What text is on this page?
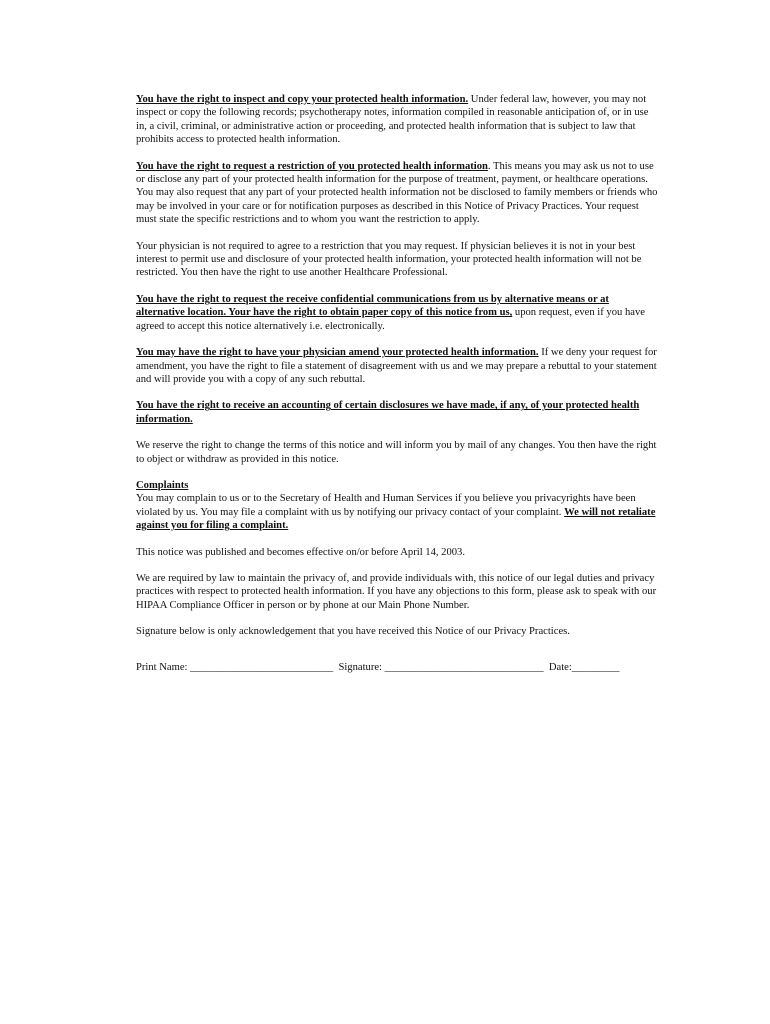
You have the right to inspect and copy your protected health information. Under federal law, however, you may not inspect or copy the following records; psychotherapy notes, information compiled in reasonable anticipation of, or in use in, a civil, criminal, or administrative action or proceeding, and protected health information that is subject to law that prohibits access to protected health information.

You have the right to request a restriction of you protected health information. This means you may ask us not to use or disclose any part of your protected health information for the purpose of treatment, payment, or healthcare operations. You may also request that any part of your protected health information not be disclosed to family members or friends who may be involved in your care or for notification purposes as described in this Notice of Privacy Practices. Your request must state the specific restrictions and to whom you want the restriction to apply.

Your physician is not required to agree to a restriction that you may request. If physician believes it is not in your best interest to permit use and disclosure of your protected health information, your protected health information will not be restricted. You then have the right to use another Healthcare Professional.

You have the right to request the receive confidential communications from us by alternative means or at alternative location. Your have the right to obtain paper copy of this notice from us, upon request, even if you have agreed to accept this notice alternatively i.e. electronically.

You may have the right to have your physician amend your protected health information. If we deny your request for amendment, you have the right to file a statement of disagreement with us and we may prepare a rebuttal to your statement and will provide you with a copy of any such rebuttal.

You have the right to receive an accounting of certain disclosures we have made, if any, of your protected health information.

We reserve the right to change the terms of this notice and will inform you by mail of any changes. You then have the right to object or withdraw as provided in this notice.

Complaints
You may complain to us or to the Secretary of Health and Human Services if you believe you privacyrights have been violated by us. You may file a complaint with us by notifying our privacy contact of your complaint. We will not retaliate against you for filing a complaint.

This notice was published and becomes effective on/or before April 14, 2003.

We are required by law to maintain the privacy of, and provide individuals with, this notice of our legal duties and privacy practices with respect to protected health information. If you have any objections to this form, please ask to speak with our HIPAA Compliance Officer in person or by phone at our Main Phone Number.

Signature below is only acknowledgement that you have received this Notice of our Privacy Practices.

Print Name: ___________________________  Signature: ______________________________  Date:_________
